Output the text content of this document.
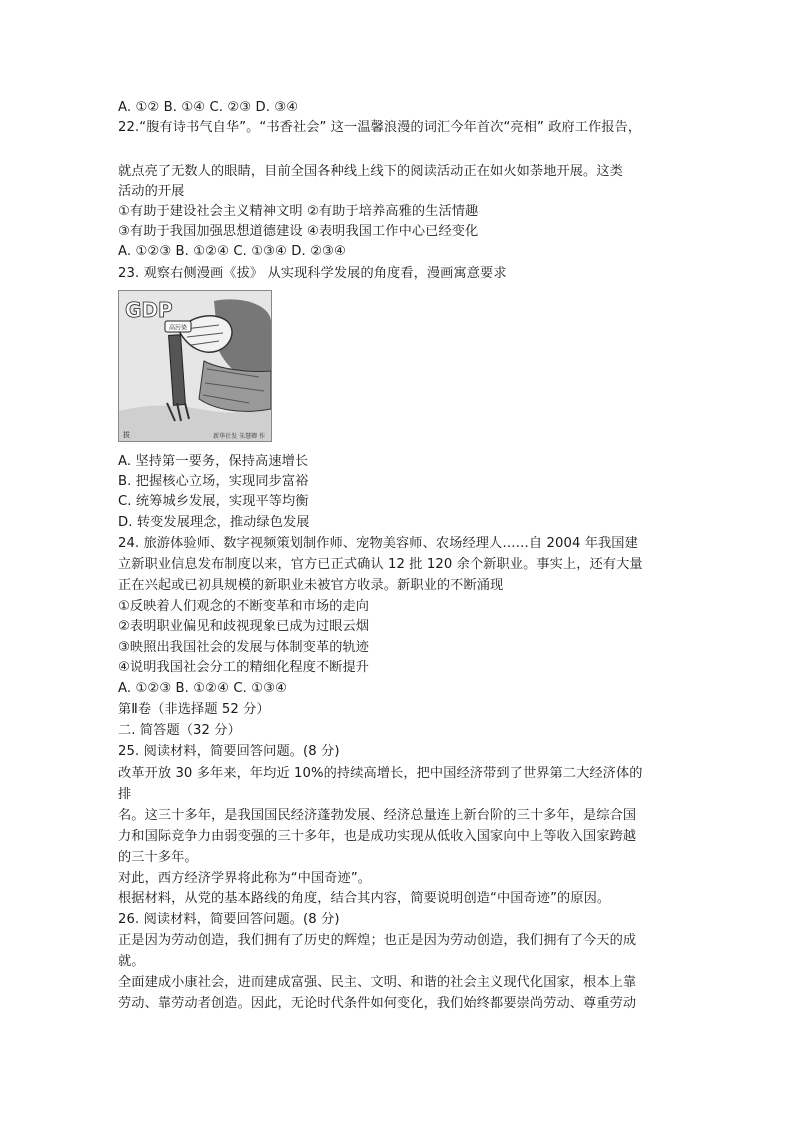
A. ①② B. ①④ C. ②③ D. ③④
22.“腹有诗书气自华”。“书香社会” 这一温馨浪漫的词汇今年首次“亮相” 政府工作报告，
就点亮了无数人的眼睛，目前全国各种线上线下的阅读活动正在如火如荼地开展。这类
活动的开展
①有助于建设社会主义精神文明 ②有助于培养高雅的生活情趣
③有助于我国加强思想道德建设 ④表明我国工作中心已经变化
A. ①②③ B. ①②④ C. ①③④ D. ②③④
23. 观察右侧漫画《拔》 从实现科学发展的角度看，漫画寓意要求
高污染
GDP
拔	新华社发 朱慧卿 作
A. 坚持第一要务，保持高速增长
B. 把握核心立场，实现同步富裕
C. 统筹城乡发展，实现平等均衡
D. 转变发展理念，推动绿色发展
24. 旅游体验师、数字视频策划制作师、宠物美容师、农场经理人……自 2004 年我国建
立新职业信息发布制度以来，官方已正式确认 12 批 120 余个新职业。事实上，还有大量
正在兴起或已初具规模的新职业未被官方收录。新职业的不断涌现
①反映着人们观念的不断变革和市场的走向
②表明职业偏见和歧视现象已成为过眼云烟
③映照出我国社会的发展与体制变革的轨迹
④说明我国社会分工的精细化程度不断提升
A. ①②③ B. ①②④ C. ①③④
第Ⅱ卷（非选择题 52 分）
二. 简答题（32 分）
25. 阅读材料，简要回答问题。(8 分)
改革开放 30 多年来，年均近 10%的持续高增长，把中国经济带到了世界第二大经济体的
排
名。这三十多年，是我国国民经济蓬勃发展、经济总量连上新台阶的三十多年，是综合国
力和国际竞争力由弱变强的三十多年，也是成功实现从低收入国家向中上等收入国家跨越
的三十多年。
对此，西方经济学界将此称为“中国奇迹”。
根据材料，从党的基本路线的角度，结合其内容，简要说明创造“中国奇迹”的原因。
26. 阅读材料，简要回答问题。(8 分)
正是因为劳动创造，我们拥有了历史的辉煌；也正是因为劳动创造，我们拥有了今天的成
就。
全面建成小康社会，进而建成富强、民主、文明、和谐的社会主义现代化国家，根本上靠
劳动、靠劳动者创造。因此，无论时代条件如何变化，我们始终都要崇尚劳动、尊重劳动
